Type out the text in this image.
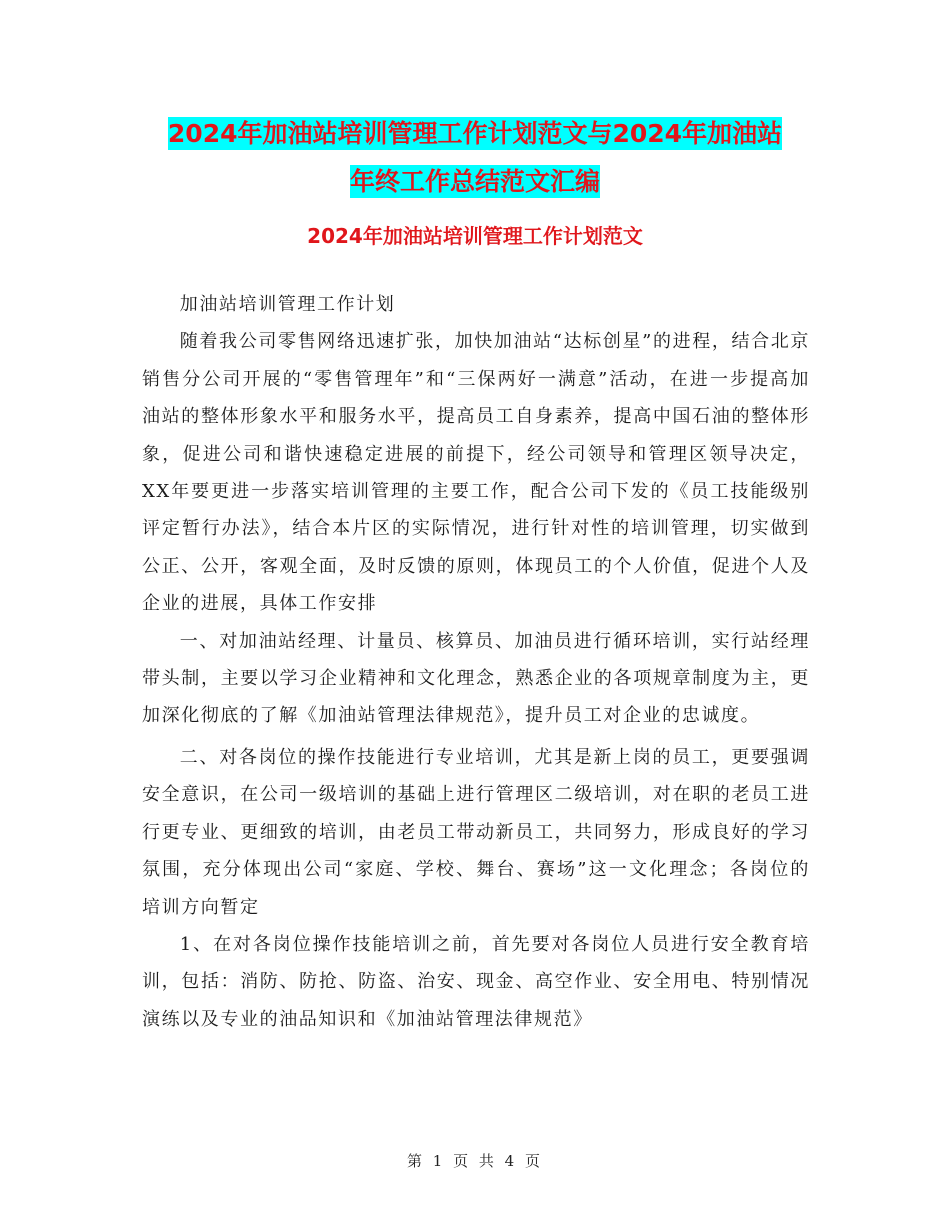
2024年加油站培训管理工作计划范文与2024年加油站
年终工作总结范文汇编
2024年加油站培训管理工作计划范文

加油站培训管理工作计划

随着我公司零售网络迅速扩张，加快加油站“达标创星”的进程，结合北京销售分公司开展的“零售管理年”和“三保两好一满意”活动，在进一步提高加油站的整体形象水平和服务水平，提高员工自身素养，提高中国石油的整体形象，促进公司和谐快速稳定进展的前提下，经公司领导和管理区领导决定，XX年要更进一步落实培训管理的主要工作，配合公司下发的《员工技能级别评定暂行办法》，结合本片区的实际情况，进行针对性的培训管理，切实做到公正、公开，客观全面，及时反馈的原则，体现员工的个人价值，促进个人及企业的进展，具体工作安排

一、对加油站经理、计量员、核算员、加油员进行循环培训，实行站经理带头制，主要以学习企业精神和文化理念，熟悉企业的各项规章制度为主，更加深化彻底的了解《加油站管理法律规范》，提升员工对企业的忠诚度。

二、对各岗位的操作技能进行专业培训，尤其是新上岗的员工，更要强调安全意识，在公司一级培训的基础上进行管理区二级培训，对在职的老员工进行更专业、更细致的培训，由老员工带动新员工，共同努力，形成良好的学习氛围，充分体现出公司“家庭、学校、舞台、赛场”这一文化理念；各岗位的培训方向暂定

1、在对各岗位操作技能培训之前，首先要对各岗位人员进行安全教育培训，包括：消防、防抢、防盗、治安、现金、高空作业、安全用电、特别情况演练以及专业的油品知识和《加油站管理法律规范》

第 1 页 共 4 页
